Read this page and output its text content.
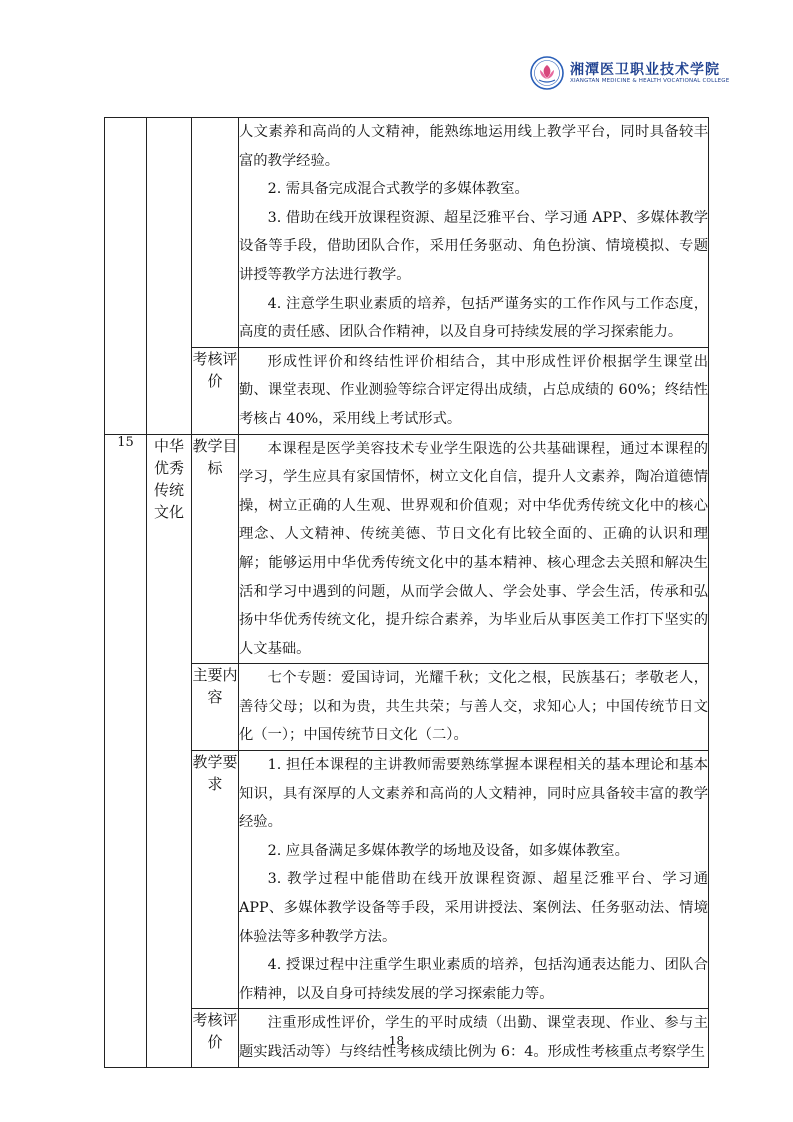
湘潭医卫职业技术学院
XIANGTAN MEDICINE & HEALTH VOCATIONAL COLLEGE

			人文素养和高尚的人文精神，能熟练地运用线上教学平台，同时具备较丰富的教学经验。

2. 需具备完成混合式教学的多媒体教室。

3. 借助在线开放课程资源、超星泛雅平台、学习通 APP、多媒体教学设备等手段，借助团队合作，采用任务驱动、角色扮演、情境模拟、专题讲授等教学方法进行教学。

4. 注意学生职业素质的培养，包括严谨务实的工作作风与工作态度，高度的责任感、团队合作精神，以及自身可持续发展的学习探索能力。

		考核评价	形成性评价和终结性评价相结合，其中形成性评价根据学生课堂出勤、课堂表现、作业测验等综合评定得出成绩，占总成绩的 60%；终结性考核占 40%，采用线上考试形式。

15	中华优秀传统文化	教学目标	本课程是医学美容技术专业学生限选的公共基础课程，通过本课程的学习，学生应具有家国情怀，树立文化自信，提升人文素养，陶冶道德情操，树立正确的人生观、世界观和价值观；对中华优秀传统文化中的核心理念、人文精神、传统美德、节日文化有比较全面的、正确的认识和理解；能够运用中华优秀传统文化中的基本精神、核心理念去关照和解决生活和学习中遇到的问题，从而学会做人、学会处事、学会生活，传承和弘扬中华优秀传统文化，提升综合素养，为毕业后从事医美工作打下坚实的人文基础。

		主要内容	七个专题：爱国诗词，光耀千秋；文化之根，民族基石；孝敬老人，善待父母；以和为贵，共生共荣；与善人交，求知心人；中国传统节日文化（一）；中国传统节日文化（二）。

		教学要求	1. 担任本课程的主讲教师需要熟练掌握本课程相关的基本理论和基本知识，具有深厚的人文素养和高尚的人文精神，同时应具备较丰富的教学经验。

2. 应具备满足多媒体教学的场地及设备，如多媒体教室。

3. 教学过程中能借助在线开放课程资源、超星泛雅平台、学习通 APP、多媒体教学设备等手段，采用讲授法、案例法、任务驱动法、情境体验法等多种教学方法。

4. 授课过程中注重学生职业素质的培养，包括沟通表达能力、团队合作精神，以及自身可持续发展的学习探索能力等。

		考核评价	注重形成性评价，学生的平时成绩（出勤、课堂表现、作业、参与主题实践活动等）与终结性考核成绩比例为 6：4。形成性考核重点考察学生

18
